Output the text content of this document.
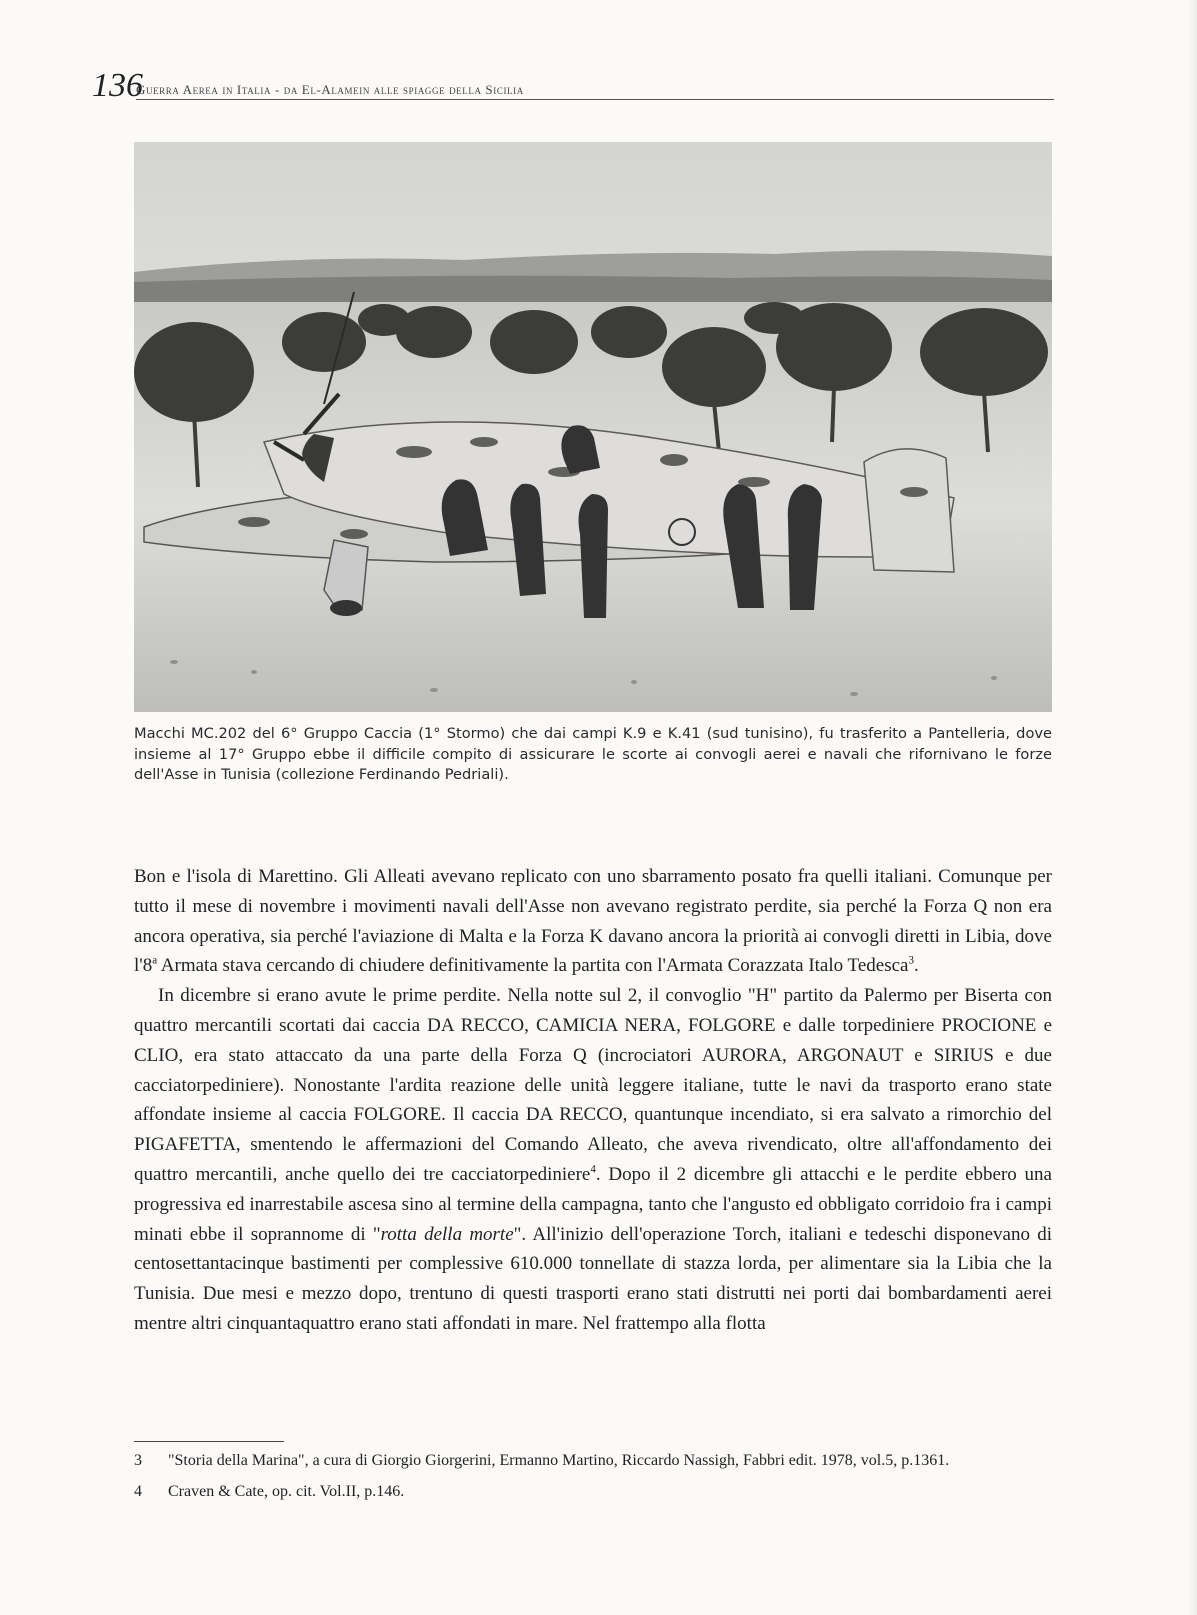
136
Guerra Aerea in Italia - da El-Alamein alle spiagge della Sicilia
Macchi MC.202 del 6° Gruppo Caccia (1° Stormo) che dai campi K.9 e K.41 (sud tunisino), fu trasferito a Pantelleria, dove insieme al 17° Gruppo ebbe il difficile compito di assicurare le scorte ai convogli aerei e navali che rifornivano le forze dell'Asse in Tunisia (collezione Ferdinando Pedriali).

Bon e l'isola di Marettino. Gli Alleati avevano replicato con uno sbarramento posato fra quelli italiani. Comunque per tutto il mese di novembre i movimenti navali dell'Asse non avevano registrato perdite, sia perché la Forza Q non era ancora operativa, sia perché l'aviazione di Malta e la Forza K davano ancora la priorità ai convogli diretti in Libia, dove l'8$^a$ Armata stava cercando di chiudere definitivamente la partita con l'Armata Corazzata Italo Tedesca$^3$.

In dicembre si erano avute le prime perdite. Nella notte sul 2, il convoglio "H" partito da Palermo per Biserta con quattro mercantili scortati dai caccia DA RECCO, CAMICIA NERA, FOLGORE e dalle torpediniere PROCIONE e CLIO, era stato attaccato da una parte della Forza Q (incrociatori AURORA, ARGONAUT e SIRIUS e due cacciatorpediniere). Nonostante l'ardita reazione delle unità leggere italiane, tutte le navi da trasporto erano state affondate insieme al caccia FOLGORE. Il caccia DA RECCO, quantunque incendiato, si era salvato a rimorchio del PIGAFETTA, smentendo le affermazioni del Comando Alleato, che aveva rivendicato, oltre all'affondamento dei quattro mercantili, anche quello dei tre cacciatorpediniere$^4$. Dopo il 2 dicembre gli attacchi e le perdite ebbero una progressiva ed inarrestabile ascesa sino al termine della campagna, tanto che l'angusto ed obbligato corridoio fra i campi minati ebbe il soprannome di "rotta della morte". All'inizio dell'operazione Torch, italiani e tedeschi disponevano di centosettantacinque bastimenti per complessive 610.000 tonnellate di stazza lorda, per alimentare sia la Libia che la Tunisia. Due mesi e mezzo dopo, trentuno di questi trasporti erano stati distrutti nei porti dai bombardamenti aerei mentre altri cinquantaquattro erano stati affondati in mare. Nel frattempo alla flotta

3	"Storia della Marina", a cura di Giorgio Giorgerini, Ermanno Martino, Riccardo Nassigh, Fabbri edit. 1978, vol.5, p.1361.
4	Craven & Cate, op. cit. Vol.II, p.146.
